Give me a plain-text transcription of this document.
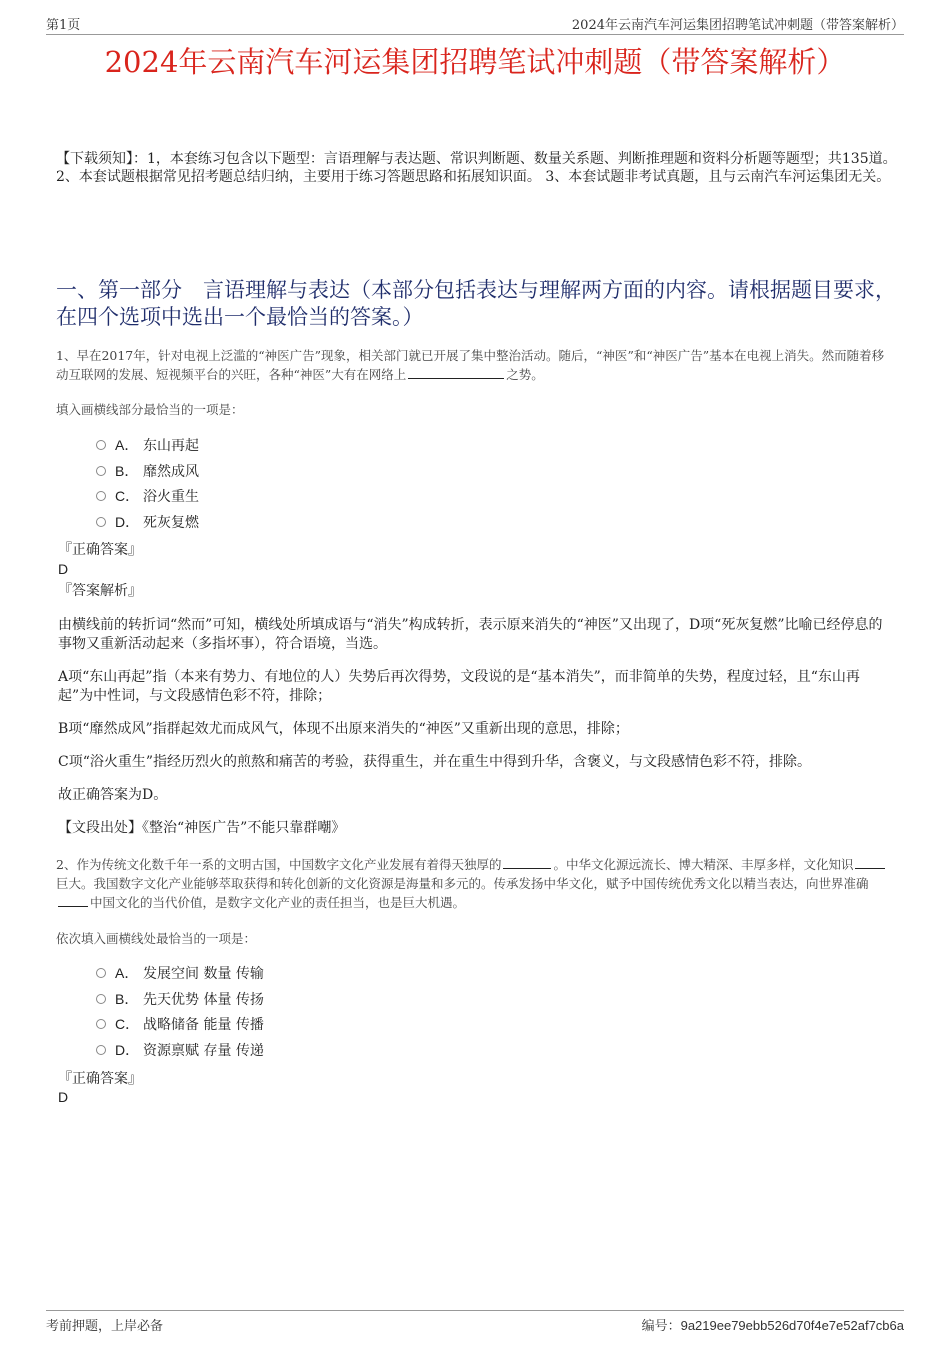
第1页	2024年云南汽车河运集团招聘笔试冲刺题（带答案解析）
2024年云南汽车河运集团招聘笔试冲刺题（带答案解析）
【下载须知】：1，本套练习包含以下题型：言语理解与表达题、常识判断题、数量关系题、判断推理题和资料分析题等题型；共135道。 2、本套试题根据常见招考题总结归纳，主要用于练习答题思路和拓展知识面。 3、本套试题非考试真题，且与云南汽车河运集团无关。
一、第一部分　言语理解与表达（本部分包括表达与理解两方面的内容。请根据题目要求，在四个选项中选出一个最恰当的答案。）
1、早在2017年，针对电视上泛滥的“神医广告”现象，相关部门就已开展了集中整治活动。随后，“神医”和“神医广告”基本在电视上消失。然而随着移动互联网的发展、短视频平台的兴旺，各种“神医”大有在网络上	之势。
填入画横线部分最恰当的一项是：
A． 东山再起
B． 靡然成风
C． 浴火重生
D． 死灰复燃
『正确答案』
D
『答案解析』

由横线前的转折词“然而”可知，横线处所填成语与“消失”构成转折，表示原来消失的“神医”又出现了，D项“死灰复燃”比喻已经停息的事物又重新活动起来（多指坏事），符合语境，当选。

A项“东山再起”指（本来有势力、有地位的人）失势后再次得势，文段说的是“基本消失”，而非简单的失势，程度过轻，且“东山再起”为中性词，与文段感情色彩不符，排除；

B项“靡然成风”指群起效尤而成风气，体现不出原来消失的“神医”又重新出现的意思，排除；

C项“浴火重生”指经历烈火的煎熬和痛苦的考验，获得重生，并在重生中得到升华，含褒义，与文段感情色彩不符，排除。

故正确答案为D。

【文段出处】《整治“神医广告”不能只靠群嘲》

2、作为传统文化数千年一系的文明古国，中国数字文化产业发展有着得天独厚的	。中华文化源远流长、博大精深、丰厚多样，文化知识巨大。我国数字文化产业能够萃取获得和转化创新的文化资源是海量和多元的。传承发扬中华文化，赋予中国传统优秀文化以精当表达，向世界准确中国文化的当代价值，是数字文化产业的责任担当，也是巨大机遇。
依次填入画横线处最恰当的一项是：
A． 发展空间 数量 传输
B． 先天优势 体量 传扬
C． 战略储备 能量 传播
D． 资源禀赋 存量 传递
『正确答案』
D
考前押题，上岸必备	编号：9a219ee79ebb526d70f4e7e52af7cb6a
